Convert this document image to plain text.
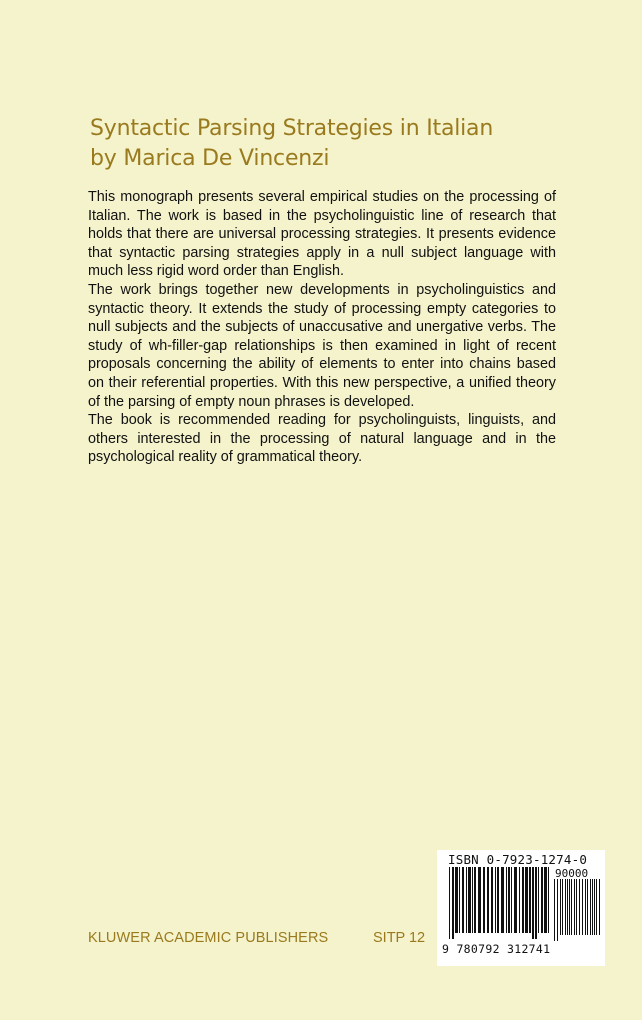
Syntactic Parsing Strategies in Italian
by Marica De Vincenzi

This monograph presents several empirical studies on the processing of Italian. The work is based in the psycholinguistic line of research that holds that there are universal processing strategies. It presents evidence that syntactic parsing strategies apply in a null subject language with much less rigid word order than English.

The work brings together new developments in psycholinguistics and syntactic theory. It extends the study of processing empty categories to null subjects and the subjects of unaccusative and unergative verbs. The study of wh-filler-gap relationships is then examined in light of recent proposals concerning the ability of elements to enter into chains based on their referential properties. With this new perspective, a unified theory of the parsing of empty noun phrases is developed.

The book is recommended reading for psycholinguists, linguists, and others interested in the processing of natural language and in the psychological reality of grammatical theory.

KLUWER ACADEMIC PUBLISHERS	SITP 12
ISBN 0-7923-1274-0
90000
9 780792 312741
